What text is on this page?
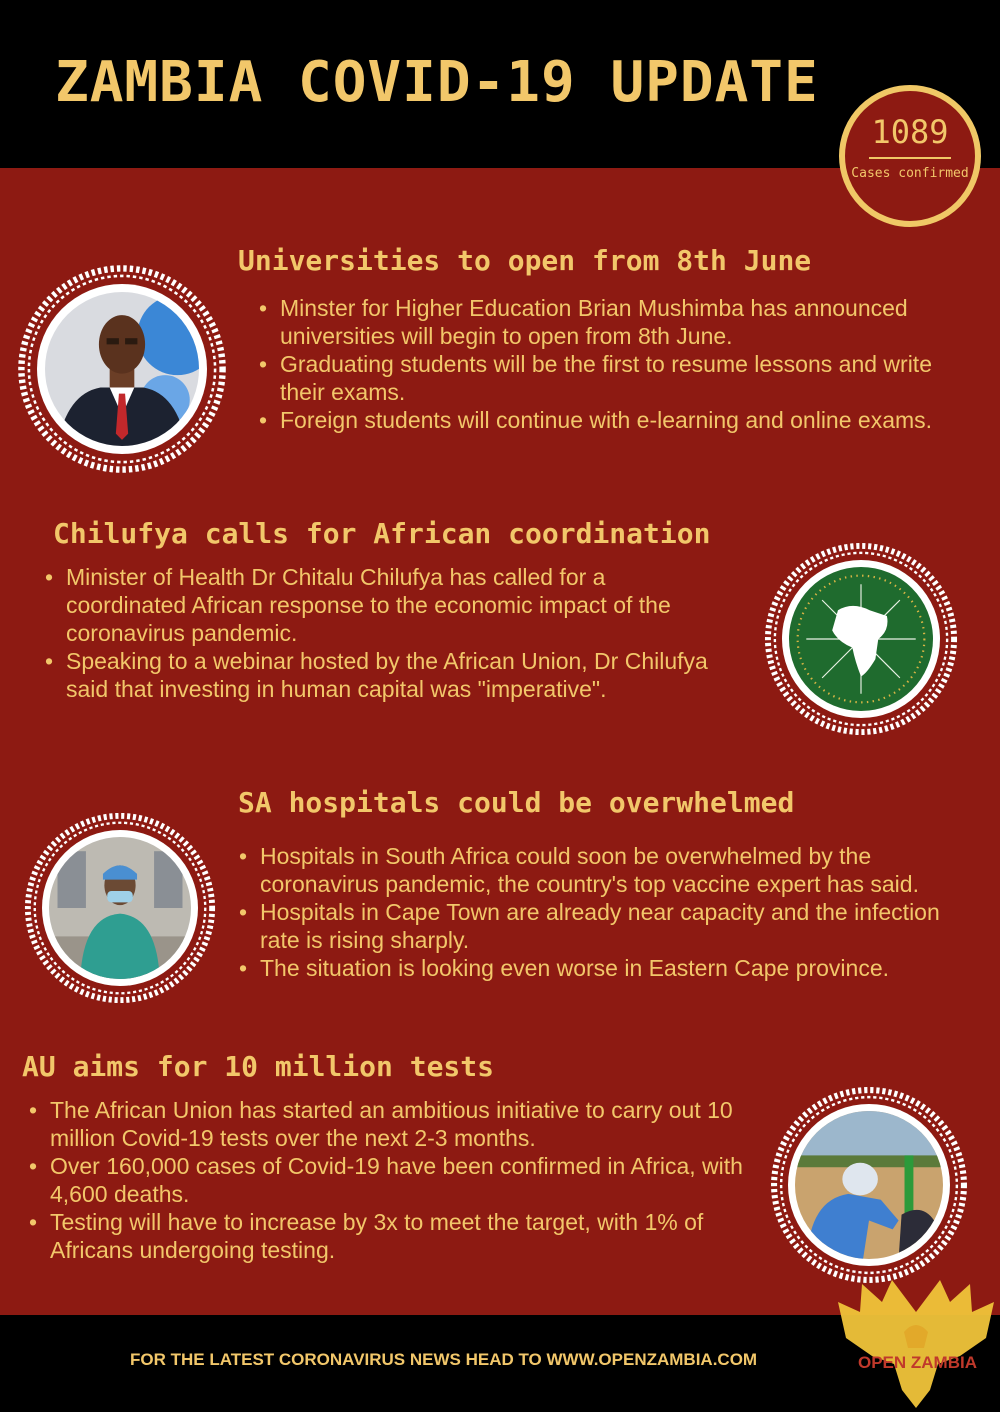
ZAMBIA COVID-19 UPDATE
1089
Cases confirmed
Universities to open from 8th June
• Minster for Higher Education Brian Mushimba has announced universities will begin to open from 8th June.
• Graduating students will be the first to resume lessons and write their exams.
• Foreign students will continue with e-learning and online exams.
Chilufya calls for African coordination
• Minister of Health Dr Chitalu Chilufya has called for a coordinated African response to the economic impact of the coronavirus pandemic.
• Speaking to a webinar hosted by the African Union, Dr Chilufya said that investing in human capital was "imperative".
SA hospitals could be overwhelmed
• Hospitals in South Africa could soon be overwhelmed by the coronavirus pandemic, the country's top vaccine expert has said.
• Hospitals in Cape Town are already near capacity and the infection rate is rising sharply.
• The situation is looking even worse in Eastern Cape province.
AU aims for 10 million tests
• The African Union has started an ambitious initiative to carry out 10 million Covid-19 tests over the next 2-3 months.
• Over 160,000 cases of Covid-19 have been confirmed in Africa, with 4,600 deaths.
• Testing will have to increase by 3x to meet the target, with 1% of Africans undergoing testing.

FOR THE LATEST CORONAVIRUS NEWS HEAD TO WWW.OPENZAMBIA.COM	OPEN ZAMBIA
